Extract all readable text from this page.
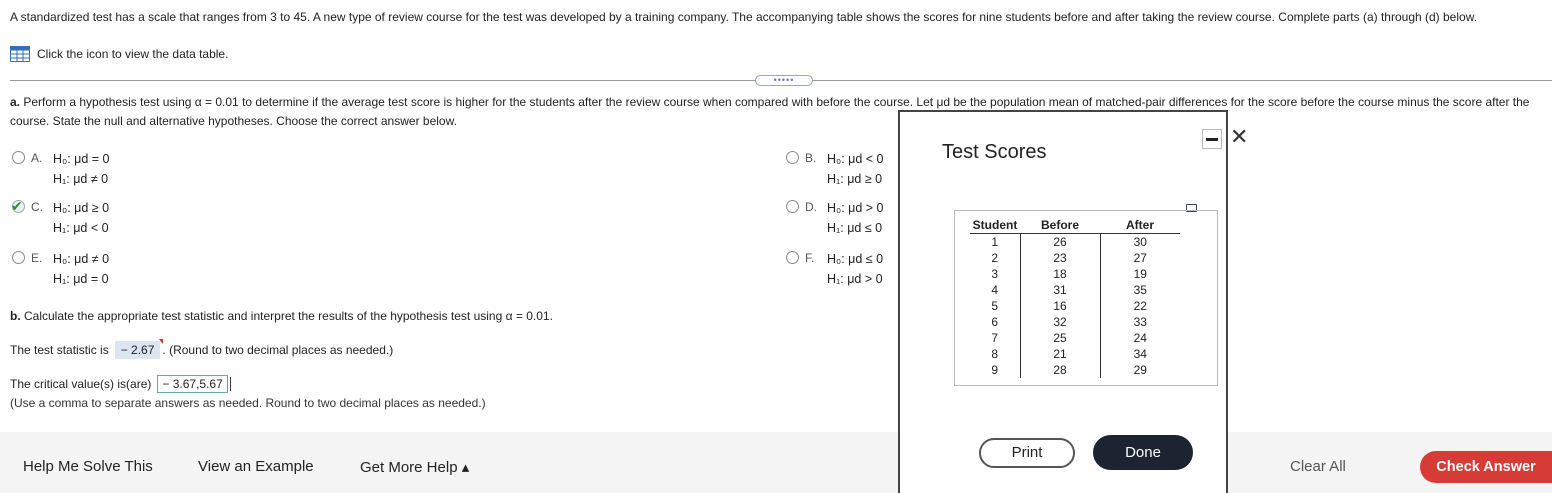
A standardized test has a scale that ranges from 3 to 45. A new type of review course for the test was developed by a training company. The accompanying table shows the scores for nine students before and after taking the review course. Complete parts (a) through (d) below.
Click the icon to view the data table.
•••••
a. Perform a hypothesis test using α = 0.01 to determine if the average test score is higher for the students after the review course when compared with before the course. Let μd be the population mean of matched-pair differences for the score before the course minus the score after the course. State the null and alternative hypotheses. Choose the correct answer below.
A. H₀: μd = 0
H₁: μd ≠ 0
✔ C. H₀: μd ≥ 0
H₁: μd < 0
E. H₀: μd ≠ 0
H₁: μd = 0
B. H₀: μd < 0
H₁: μd ≥ 0
D. H₀: μd > 0
H₁: μd ≤ 0
F.	H₀: μd ≤ 0
H₁: μd > 0
b. Calculate the appropriate test statistic and interpret the results of the hypothesis test using α = 0.01.
The test statistic is	− 2.67 . (Round to two decimal places as needed.)
The critical value(s) is(are) − 3.67,5.67
(Use a comma to separate answers as needed. Round to two decimal places as needed.)
Help Me Solve This	View an Example	Get More Help ▴	Clear All	Check Answer
Test Scores
✕
Student	Before	After
1	26	30
2	23	27
3	18	19
4	31	35
5	16	22
6	32	33
7	25	24
8	21	34
9	28	29
Print	Done
